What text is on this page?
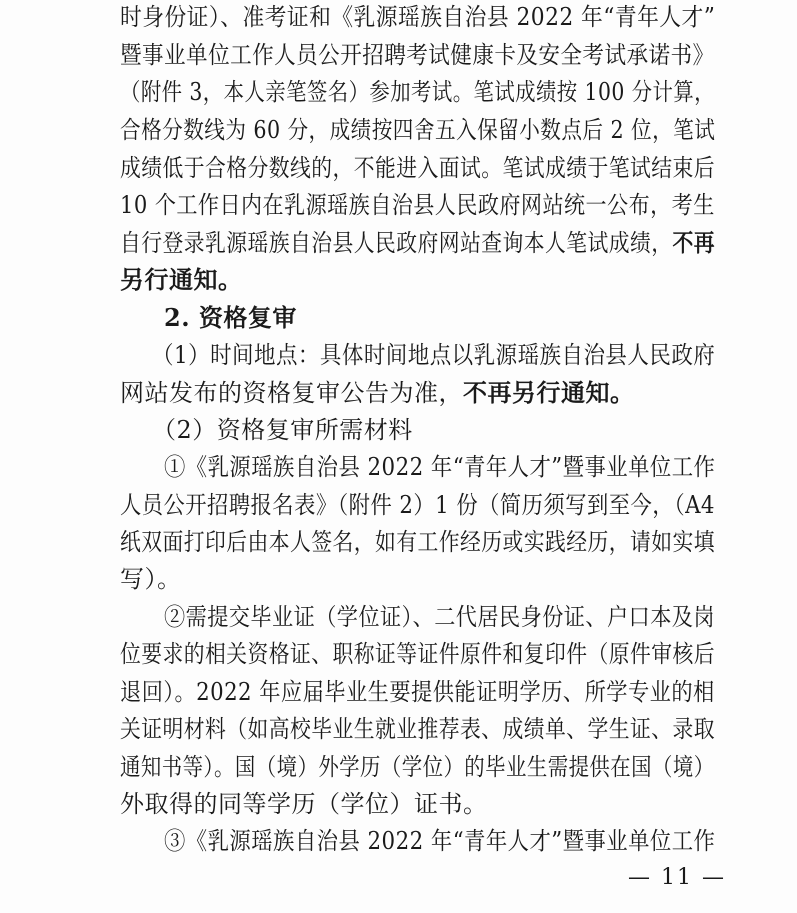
时身份证）、准考证和《乳源瑶族自治县 2022 年“青年人才”
暨事业单位工作人员公开招聘考试健康卡及安全考试承诺书》
（附件 3，本人亲笔签名）参加考试。笔试成绩按 100 分计算，
合格分数线为 60 分，成绩按四舍五入保留小数点后 2 位，笔试
成绩低于合格分数线的，不能进入面试。笔试成绩于笔试结束后
10 个工作日内在乳源瑶族自治县人民政府网站统一公布，考生
自行登录乳源瑶族自治县人民政府网站查询本人笔试成绩，不再
另行通知。
2. 资格复审
（1）时间地点：具体时间地点以乳源瑶族自治县人民政府
网站发布的资格复审公告为准，不再另行通知。
（2）资格复审所需材料
①《乳源瑶族自治县 2022 年“青年人才”暨事业单位工作
人员公开招聘报名表》（附件 2）1 份（简历须写到至今，（A4
纸双面打印后由本人签名，如有工作经历或实践经历，请如实填
写）。
②需提交毕业证（学位证）、二代居民身份证、户口本及岗
位要求的相关资格证、职称证等证件原件和复印件（原件审核后
退回）。2022 年应届毕业生要提供能证明学历、所学专业的相
关证明材料（如高校毕业生就业推荐表、成绩单、学生证、录取
通知书等）。国（境）外学历（学位）的毕业生需提供在国（境）
外取得的同等学历（学位）证书。
③《乳源瑶族自治县 2022 年“青年人才”暨事业单位工作
— 11 —
